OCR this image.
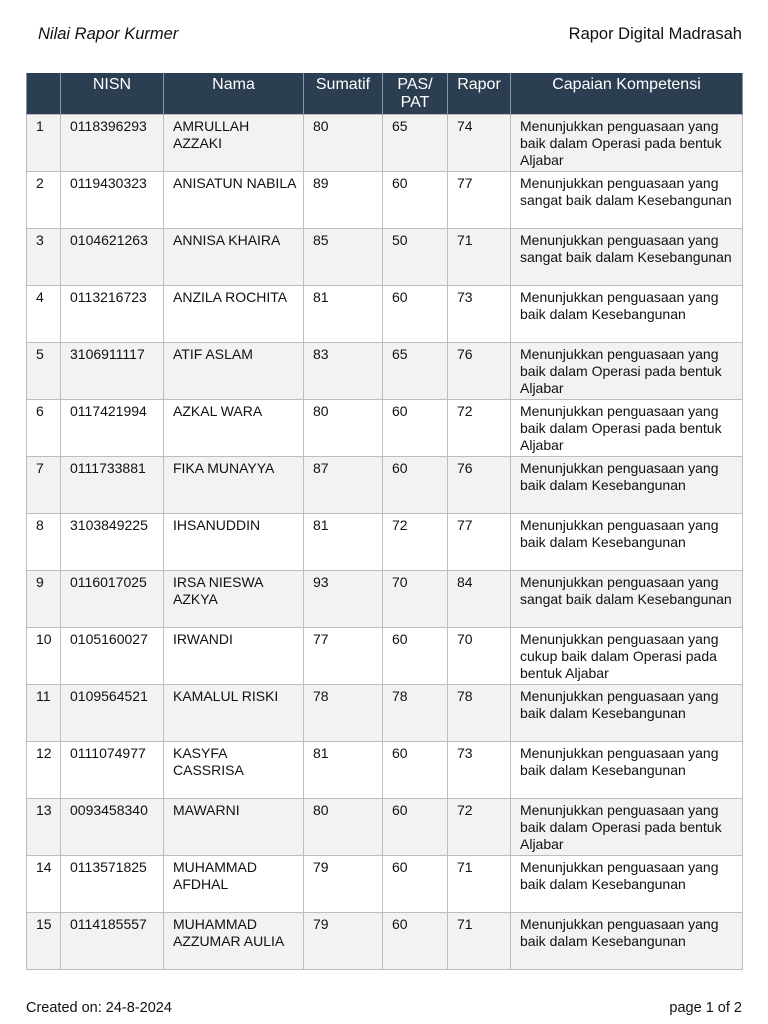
Nilai Rapor Kurmer	Rapor Digital Madrasah
	NISN	Nama	Sumatif	PAS/ PAT	Rapor	Capaian Kompetensi
1	0118396293	AMRULLAH AZZAKI	80	65	74	Menunjukkan penguasaan yang baik dalam Operasi pada bentuk Aljabar
2	0119430323	ANISATUN NABILA	89	60	77	Menunjukkan penguasaan yang sangat baik dalam Kesebangunan
3	0104621263	ANNISA KHAIRA	85	50	71	Menunjukkan penguasaan yang sangat baik dalam Kesebangunan
4	0113216723	ANZILA ROCHITA	81	60	73	Menunjukkan penguasaan yang baik dalam Kesebangunan
5	3106911117	ATIF ASLAM	83	65	76	Menunjukkan penguasaan yang baik dalam Operasi pada bentuk Aljabar
6	0117421994	AZKAL WARA	80	60	72	Menunjukkan penguasaan yang baik dalam Operasi pada bentuk Aljabar
7	0111733881	FIKA MUNAYYA	87	60	76	Menunjukkan penguasaan yang baik dalam Kesebangunan
8	3103849225	IHSANUDDIN	81	72	77	Menunjukkan penguasaan yang baik dalam Kesebangunan
9	0116017025	IRSA NIESWA AZKYA	93	70	84	Menunjukkan penguasaan yang sangat baik dalam Kesebangunan
10	0105160027	IRWANDI	77	60	70	Menunjukkan penguasaan yang cukup baik dalam Operasi pada bentuk Aljabar
11	0109564521	KAMALUL RISKI	78	78	78	Menunjukkan penguasaan yang baik dalam Kesebangunan
12	0111074977	KASYFA CASSRISA	81	60	73	Menunjukkan penguasaan yang baik dalam Kesebangunan
13	0093458340	MAWARNI	80	60	72	Menunjukkan penguasaan yang baik dalam Operasi pada bentuk Aljabar
14	0113571825	MUHAMMAD AFDHAL	79	60	71	Menunjukkan penguasaan yang baik dalam Kesebangunan
15	0114185557	MUHAMMAD AZZUMAR AULIA	79	60	71	Menunjukkan penguasaan yang baik dalam Kesebangunan
Created on: 24-8-2024	page 1 of 2
